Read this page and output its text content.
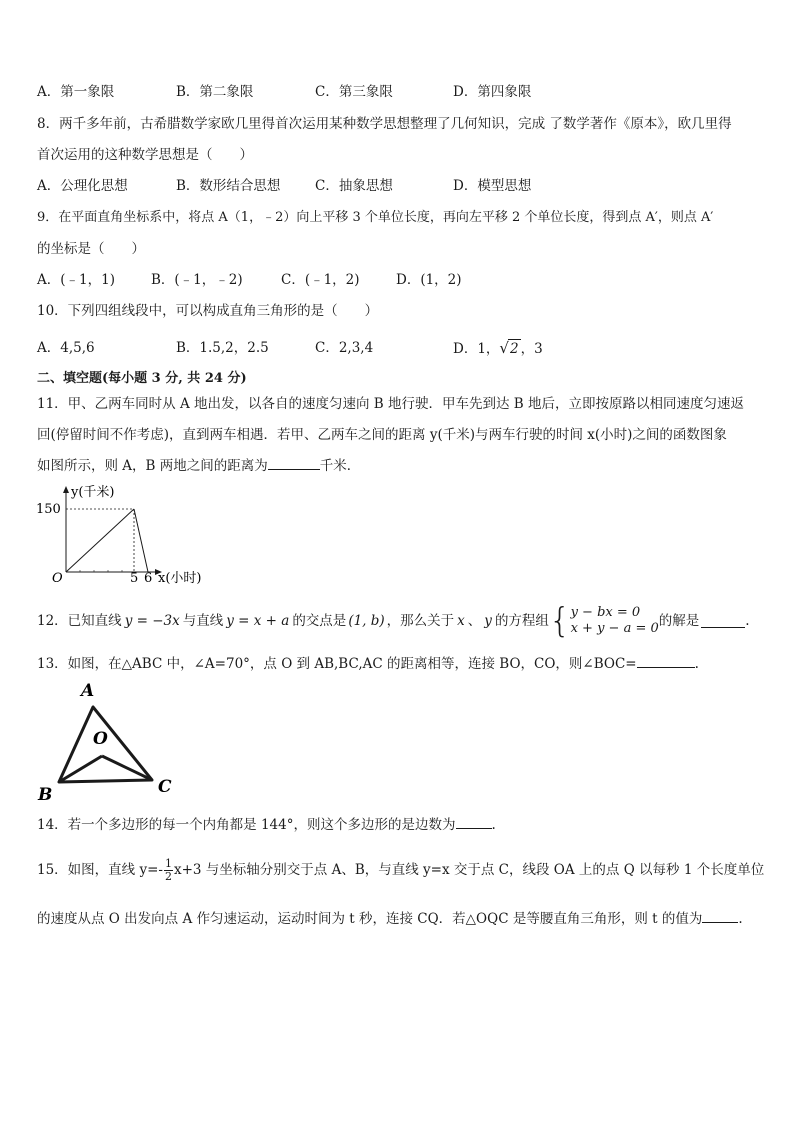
A．第一象限	B．第二象限	C．第三象限	D．第四象限
8．两千多年前，古希腊数学家欧几里得首次运用某种数学思想整理了几何知识，完成 了数学著作《原本》，欧几里得
首次运用的这种数学思想是（　　）
A．公理化思想	B．数形结合思想	C．抽象思想	D．模型思想
9．在平面直角坐标系中，将点 A（1，﹣2）向上平移 3 个单位长度，再向左平移 2 个单位长度，得到点 A′，则点 A′
的坐标是（　　）
A．(﹣1，1)	B．(﹣1，﹣2)	C．(﹣1，2)	D．(1，2)
10．下列四组线段中，可以构成直角三角形的是（　　）
A．4,5,6	B．1.5,2，2.5	C．2,3,4	D．1，√2 ，3
二、填空题(每小题 3 分, 共 24 分)
11．甲、乙两车同时从 A 地出发，以各自的速度匀速向 B 地行驶．甲车先到达 B 地后，立即按原路以相同速度匀速返
回(停留时间不作考虑)，直到两车相遇．若甲、乙两车之间的距离 y(千米)与两车行驶的时间 x(小时)之间的函数图象
如图所示，则 A，B 两地之间的距离为	千米．
y(千米)
150
O	5 6 x(小时)
12．已知直线 y = −3x 与直线 y = x + a 的交点是 (1, b) ，那么关于 x 、 y 的方程组 { y − bx = 0
x + y − a = 0 的解是	.
13．如图，在△ABC 中，∠A=70°，点 O 到 AB,BC,AC 的距离相等，连接 BO，CO，则∠BOC=	.
A
O
B	C
14．若一个多边形的每一个内角都是 144°，则这个多边形的是边数为	.
15．如图，直线 $y=- \frac{1}{2} x+3$ 与坐标轴分别交于点 A、B，与直线 y=x 交于点 C，线段 OA 上的点 Q 以每秒 1 个长度单位
的速度从点 O 出发向点 A 作匀速运动，运动时间为 t 秒，连接 CQ．若△OQC 是等腰直角三角形，则 t 的值为	.
